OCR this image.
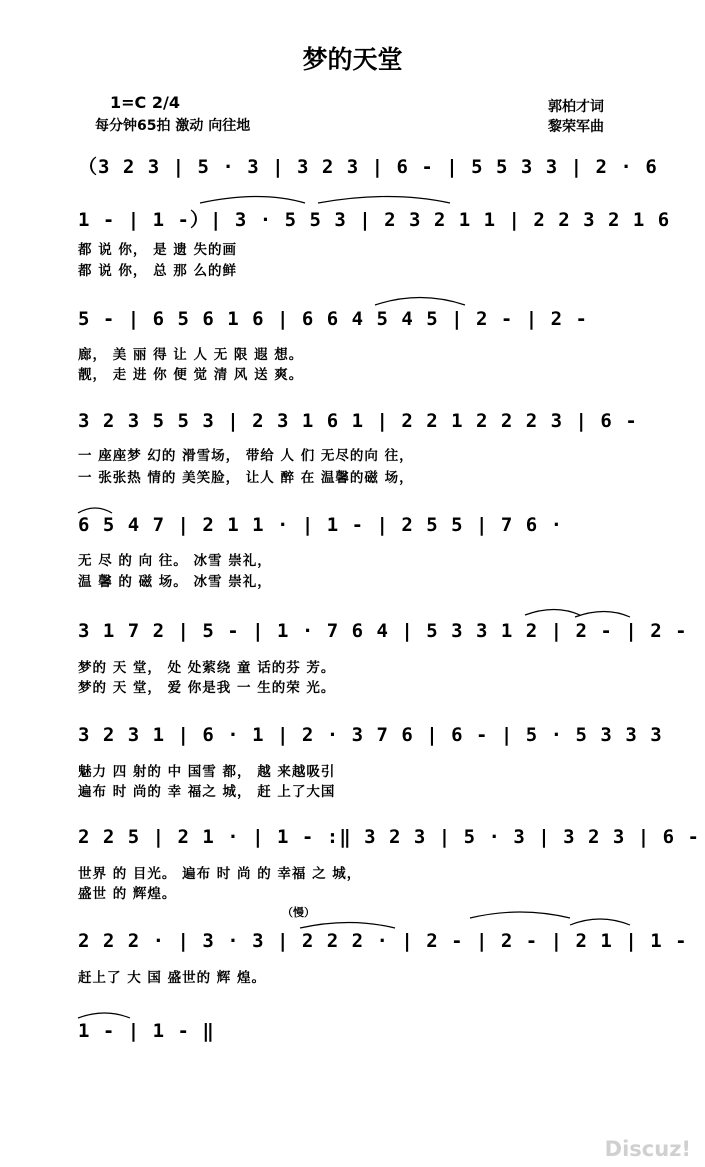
梦的天堂
1=C 2/4
每分钟65拍 激动 向往地
郭柏才词
黎荣军曲
（慢）
（3 2 3 | 5 · 3 | 3 2 3 | 6 - | 5 5 3 3 | 2 · 6
1 - | 1 -）| 3 · 5 5 3 | 2 3 2 1 1 | 2 2 3 2 1 6
都 说 你， 是 遗 失的画
都 说 你， 总 那 么的鲜
5 - | 6 5 6 1 6 | 6 6 4 5 4 5 | 2 - | 2 -
廊， 美 丽 得 让 人 无 限 遐 想。
靓， 走 进 你 便 觉 清 风 送 爽。
3 2 3 5 5 3 | 2 3 1 6 1 | 2 2 1 2 2 2 3 | 6 -
一 座座梦 幻的 滑雪场， 带给 人 们 无尽的向 往，
一 张张热 情的 美笑脸， 让人 醉 在 温馨的磁 场，
6 5 4 7 | 2 1 1 · | 1 - | 2 5 5 | 7 6 ·
无 尽 的 向 往。 冰雪 崇礼，
温 馨 的 磁 场。 冰雪 崇礼，
3 1 7 2 | 5 - | 1 · 7 6 4 | 5 3 3 1 2 | 2 - | 2 -
梦的 天 堂， 处 处萦绕 童 话的芬 芳。
梦的 天 堂， 爱 你是我 一 生的荣 光。
3 2 3 1 | 6 · 1 | 2 · 3 7 6 | 6 - | 5 · 5 3 3 3
魅力 四 射的 中 国雪 都， 越 来越吸引
遍布 时 尚的 幸 福之 城， 赶 上了大国
2 2 5 | 2 1 · | 1 - :‖ 3 2 3 | 5 · 3 | 3 2 3 | 6 -
世界 的 目光。 遍布 时 尚 的 幸福 之 城，
盛世 的 辉煌。
2 2 2 · | 3 · 3 | 2 2 2 · | 2 - | 2 - | 2 1 | 1 -
赶上了 大 国 盛世的 辉 煌。
1 - | 1 - ‖
Discuz!
